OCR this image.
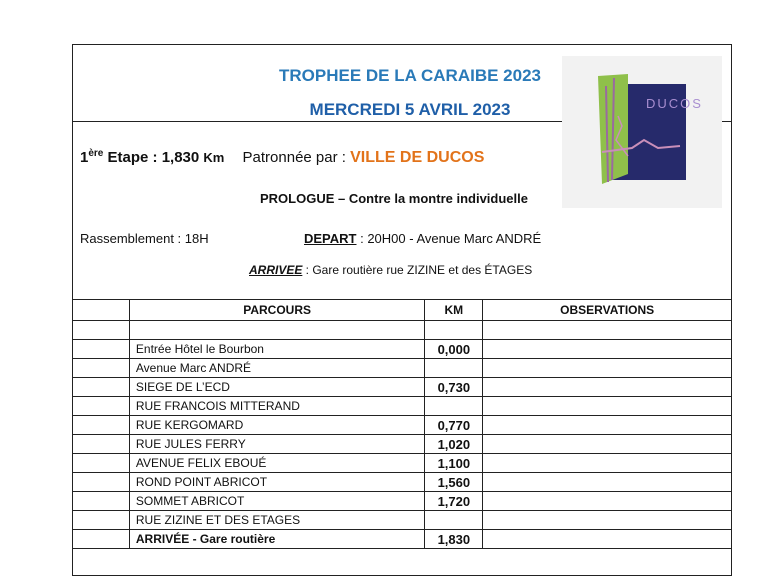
TROPHEE DE LA CARAIBE 2023
MERCREDI 5 AVRIL 2023	DUCOS
1ère Etape : 1,830 Km Patronnée par : VILLE DE DUCOS
PROLOGUE – Contre la montre individuelle
Rassemblement : 18H	DEPART : 20H00 - Avenue Marc ANDRÉ
ARRIVEE : Gare routière rue ZIZINE et des ÉTAGES
	PARCOURS	KM	OBSERVATIONS

	Entrée Hôtel le Bourbon	0,000	
	Avenue Marc ANDRÉ		
	SIEGE DE L’ECD	0,730	
	RUE FRANCOIS MITTERAND		
	RUE KERGOMARD	0,770	
	RUE JULES FERRY	1,020	
	AVENUE FELIX EBOUÉ	1,100	
	ROND POINT ABRICOT	1,560	
	SOMMET ABRICOT	1,720	
	RUE ZIZINE ET DES ETAGES		
	ARRIVÉE - Gare routière	1,830	
